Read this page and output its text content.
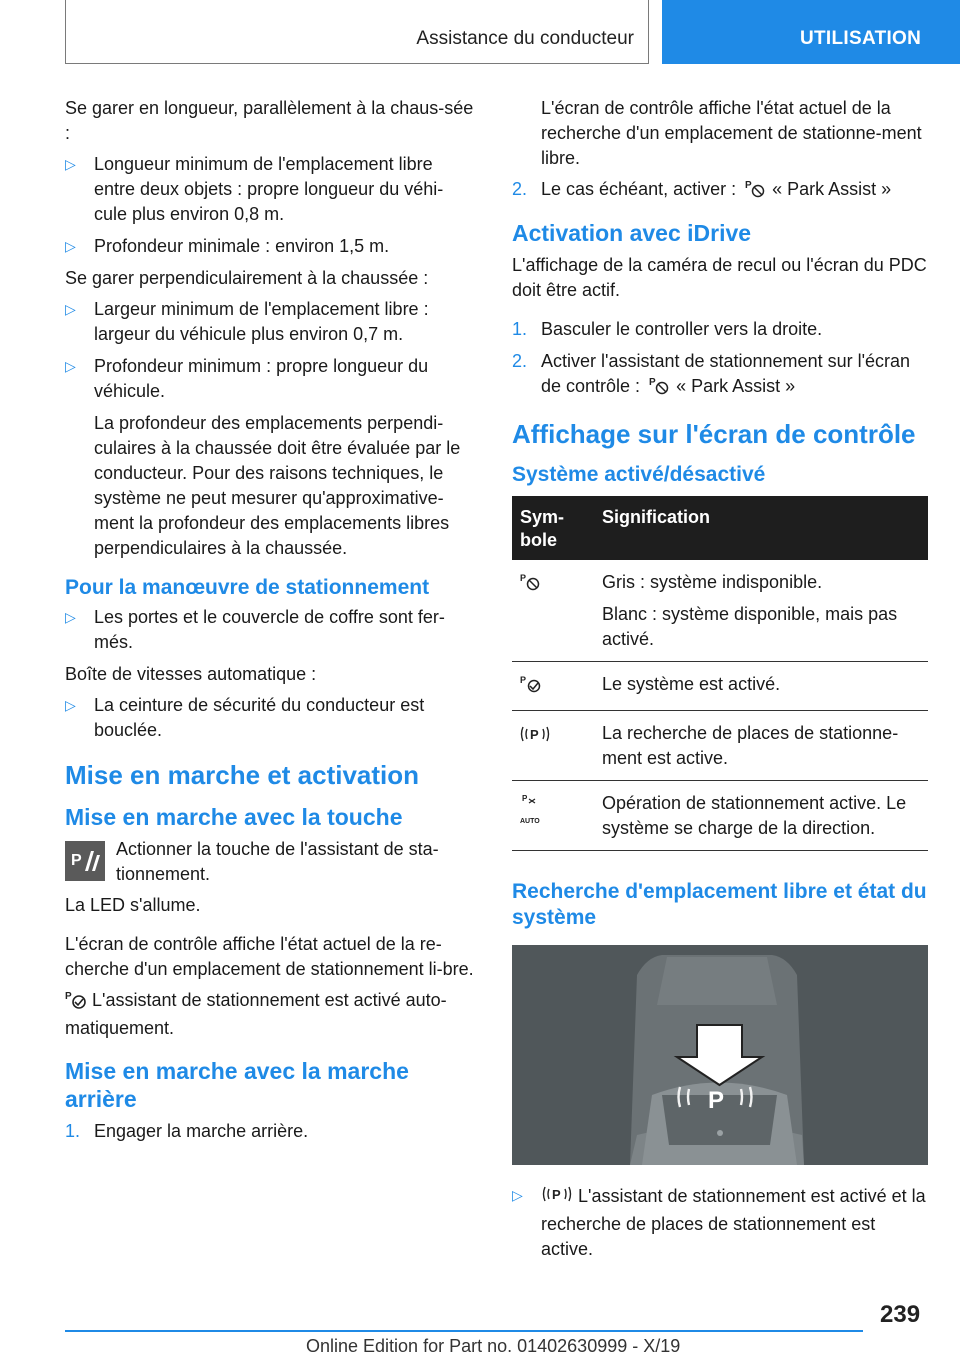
Assistance du conducteur	UTILISATION

Se garer en longueur, parallèlement à la chaus-sée :

▷ Longueur minimum de l'emplacement libre entre deux objets : propre longueur du véhi-cule plus environ 0,8 m.
▷ Profondeur minimale : environ 1,5 m.

Se garer perpendiculairement à la chaussée :

▷ Largeur minimum de l'emplacement libre : largeur du véhicule plus environ 0,7 m.
▷ Profondeur minimum : propre longueur du véhicule.

La profondeur des emplacements perpendi-culaires à la chaussée doit être évaluée par le conducteur. Pour des raisons techniques, le système ne peut mesurer qu'approximative-ment la profondeur des emplacements libres perpendiculaires à la chaussée.

Pour la manœuvre de stationnement
▷ Les portes et le couvercle de coffre sont fer-més.

Boîte de vitesses automatique :

▷ La ceinture de sécurité du conducteur est bouclée.
Mise en marche et activation
Mise en marche avec la touche
P

Actionner la touche de l'assistant de sta-tionnement.

La LED s'allume.

L'écran de contrôle affiche l'état actuel de la re-cherche d'un emplacement de stationnement li-bre.

P L'assistant de stationnement est activé auto-matiquement.

Mise en marche avec la marche arrière
1. Engager la marche arrière.

L'écran de contrôle affiche l'état actuel de la recherche d'un emplacement de stationne-ment libre.

2. Le cas échéant, activer : P « Park Assist »
Activation avec iDrive

L'affichage de la caméra de recul ou l'écran du PDC doit être actif.

1. Basculer le controller vers la droite.
2. Activer l'assistant de stationnement sur l'écran de contrôle : P « Park Assist »
Affichage sur l'écran de contrôle
Système activé/désactivé
Sym-bole	Signification

P	Gris : système indisponible.
Blanc : système disponible, mais pas activé.

P	Le système est activé.

P	La recherche de places de stationne-ment est active.

P
AUTO	Opération de stationnement active. Le système se charge de la direction.
Recherche d'emplacement libre et état du système
P
▷ P L'assistant de stationnement est activé et la recherche de places de stationnement est active.
239
Online Edition for Part no. 01402630999 - X/19
